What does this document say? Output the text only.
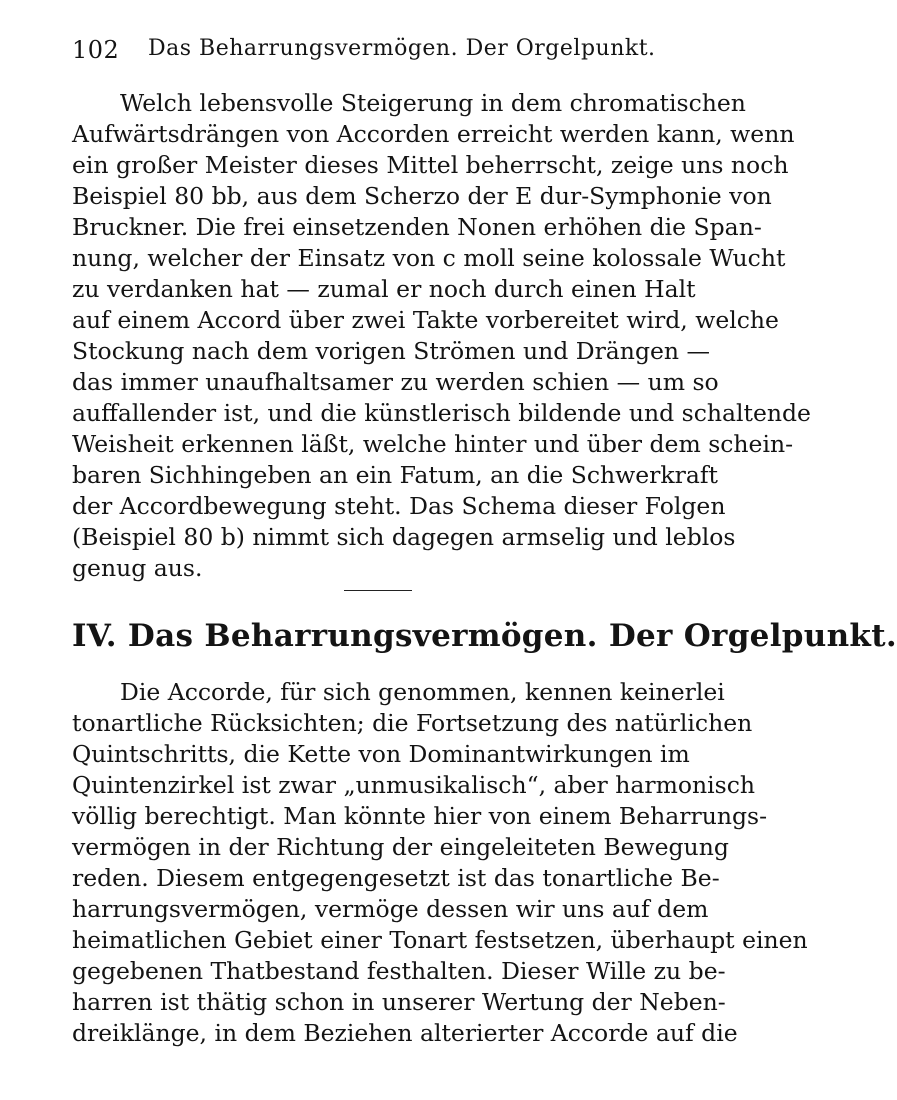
102 Das Beharrungsvermögen. Der Orgelpunkt.
Welch lebensvolle Steigerung in dem chromatischen
Aufwärtsdrängen von Accorden erreicht werden kann, wenn
ein großer Meister dieses Mittel beherrscht, zeige uns noch
Beispiel 80 bb, aus dem Scherzo der E dur-Symphonie von
Bruckner. Die frei einsetzenden Nonen erhöhen die Span-
nung, welcher der Einsatz von c moll seine kolossale Wucht
zu verdanken hat — zumal er noch durch einen Halt
auf einem Accord über zwei Takte vorbereitet wird, welche
Stockung nach dem vorigen Strömen und Drängen —
das immer unaufhaltsamer zu werden schien — um so
auffallender ist, und die künstlerisch bildende und schaltende
Weisheit erkennen läßt, welche hinter und über dem schein-
baren Sichhingeben an ein Fatum, an die Schwerkraft
der Accordbewegung steht. Das Schema dieser Folgen
(Beispiel 80 b) nimmt sich dagegen armselig und leblos
genug aus.
IV. Das Beharrungsvermögen. Der Orgelpunkt.
Die Accorde, für sich genommen, kennen keinerlei
tonartliche Rücksichten; die Fortsetzung des natürlichen
Quintschritts, die Kette von Dominantwirkungen im
Quintenzirkel ist zwar „unmusikalisch“, aber harmonisch
völlig berechtigt. Man könnte hier von einem Beharrungs-
vermögen in der Richtung der eingeleiteten Bewegung
reden. Diesem entgegengesetzt ist das tonartliche Be-
harrungsvermögen, vermöge dessen wir uns auf dem
heimatlichen Gebiet einer Tonart festsetzen, überhaupt einen
gegebenen Thatbestand festhalten. Dieser Wille zu be-
harren ist thätig schon in unserer Wertung der Neben-
dreiklänge, in dem Beziehen alterierter Accorde auf die
